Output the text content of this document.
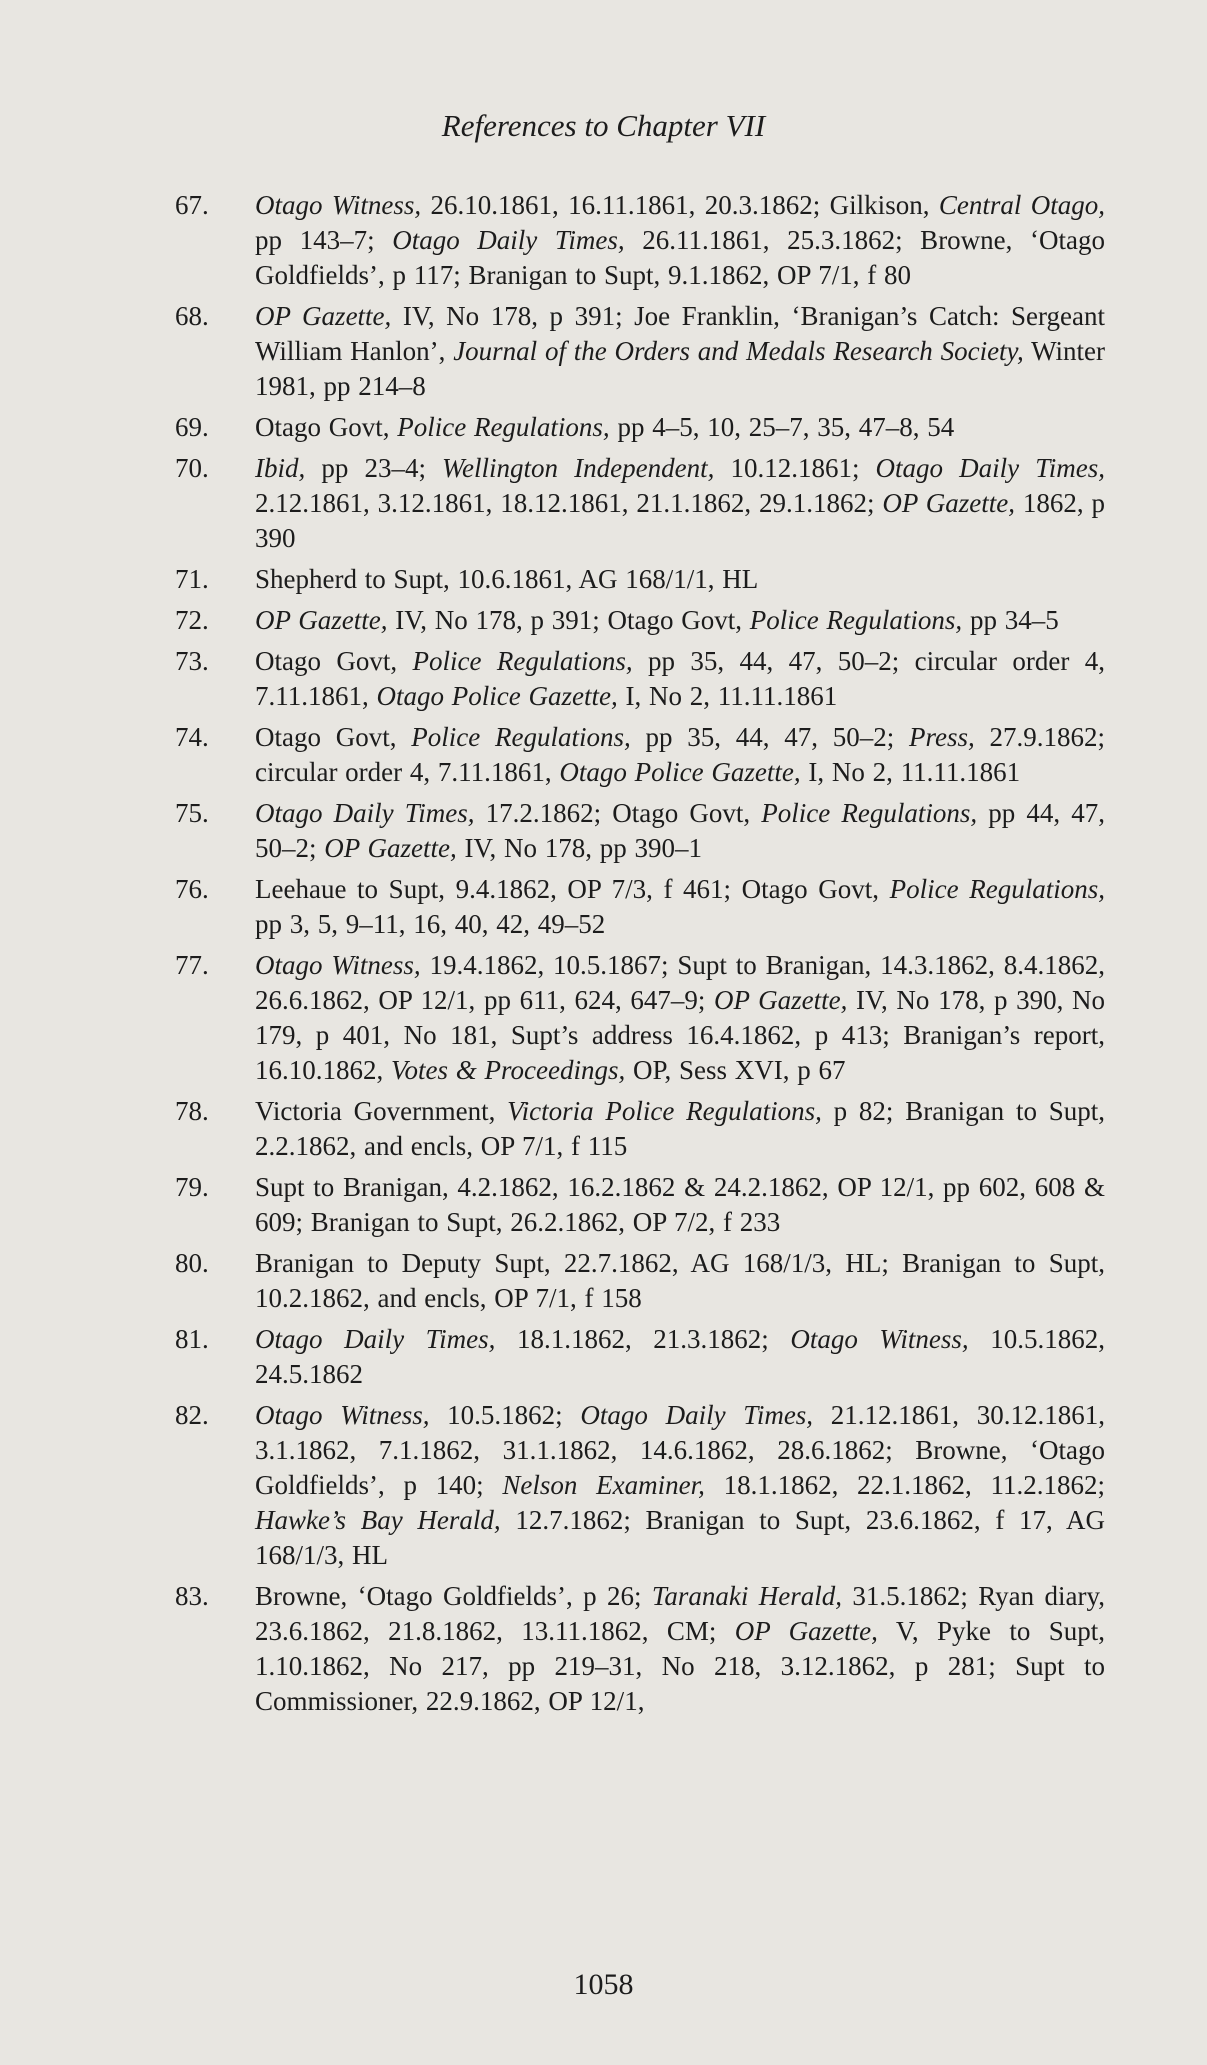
References to Chapter VII
67.	Otago Witness, 26.10.1861, 16.11.1861, 20.3.1862; Gilkison, Central Otago, pp 143–7; Otago Daily Times, 26.11.1861, 25.3.1862; Browne, ‘Otago Goldfields’, p 117; Branigan to Supt, 9.1.1862, OP 7/1, f 80
68.	OP Gazette, IV, No 178, p 391; Joe Franklin, ‘Branigan’s Catch: Sergeant William Hanlon’, Journal of the Orders and Medals Research Society, Winter 1981, pp 214–8
69.	Otago Govt, Police Regulations, pp 4–5, 10, 25–7, 35, 47–8, 54
70.	Ibid, pp 23–4; Wellington Independent, 10.12.1861; Otago Daily Times, 2.12.1861, 3.12.1861, 18.12.1861, 21.1.1862, 29.1.1862; OP Gazette, 1862, p 390
71.	Shepherd to Supt, 10.6.1861, AG 168/1/1, HL
72.	OP Gazette, IV, No 178, p 391; Otago Govt, Police Regulations, pp 34–5
73.	Otago Govt, Police Regulations, pp 35, 44, 47, 50–2; circular order 4, 7.11.1861, Otago Police Gazette, I, No 2, 11.11.1861
74.	Otago Govt, Police Regulations, pp 35, 44, 47, 50–2; Press, 27.9.1862; circular order 4, 7.11.1861, Otago Police Gazette, I, No 2, 11.11.1861
75.	Otago Daily Times, 17.2.1862; Otago Govt, Police Regulations, pp 44, 47, 50–2; OP Gazette, IV, No 178, pp 390–1
76.	Leehaue to Supt, 9.4.1862, OP 7/3, f 461; Otago Govt, Police Regulations, pp 3, 5, 9–11, 16, 40, 42, 49–52
77.	Otago Witness, 19.4.1862, 10.5.1867; Supt to Branigan, 14.3.1862, 8.4.1862, 26.6.1862, OP 12/1, pp 611, 624, 647–9; OP Gazette, IV, No 178, p 390, No 179, p 401, No 181, Supt’s address 16.4.1862, p 413; Branigan’s report, 16.10.1862, Votes & Proceedings, OP, Sess XVI, p 67
78.	Victoria Government, Victoria Police Regulations, p 82; Branigan to Supt, 2.2.1862, and encls, OP 7/1, f 115
79.	Supt to Branigan, 4.2.1862, 16.2.1862 & 24.2.1862, OP 12/1, pp 602, 608 & 609; Branigan to Supt, 26.2.1862, OP 7/2, f 233
80.	Branigan to Deputy Supt, 22.7.1862, AG 168/1/3, HL; Branigan to Supt, 10.2.1862, and encls, OP 7/1, f 158
81.	Otago Daily Times, 18.1.1862, 21.3.1862; Otago Witness, 10.5.1862, 24.5.1862
82.	Otago Witness, 10.5.1862; Otago Daily Times, 21.12.1861, 30.12.1861, 3.1.1862, 7.1.1862, 31.1.1862, 14.6.1862, 28.6.1862; Browne, ‘Otago Goldfields’, p 140; Nelson Examiner, 18.1.1862, 22.1.1862, 11.2.1862; Hawke’s Bay Herald, 12.7.1862; Branigan to Supt, 23.6.1862, f 17, AG 168/1/3, HL
83.	Browne, ‘Otago Goldfields’, p 26; Taranaki Herald, 31.5.1862; Ryan diary, 23.6.1862, 21.8.1862, 13.11.1862, CM; OP Gazette, V, Pyke to Supt, 1.10.1862, No 217, pp 219–31, No 218, 3.12.1862, p 281; Supt to Commissioner, 22.9.1862, OP 12/1,
1058
